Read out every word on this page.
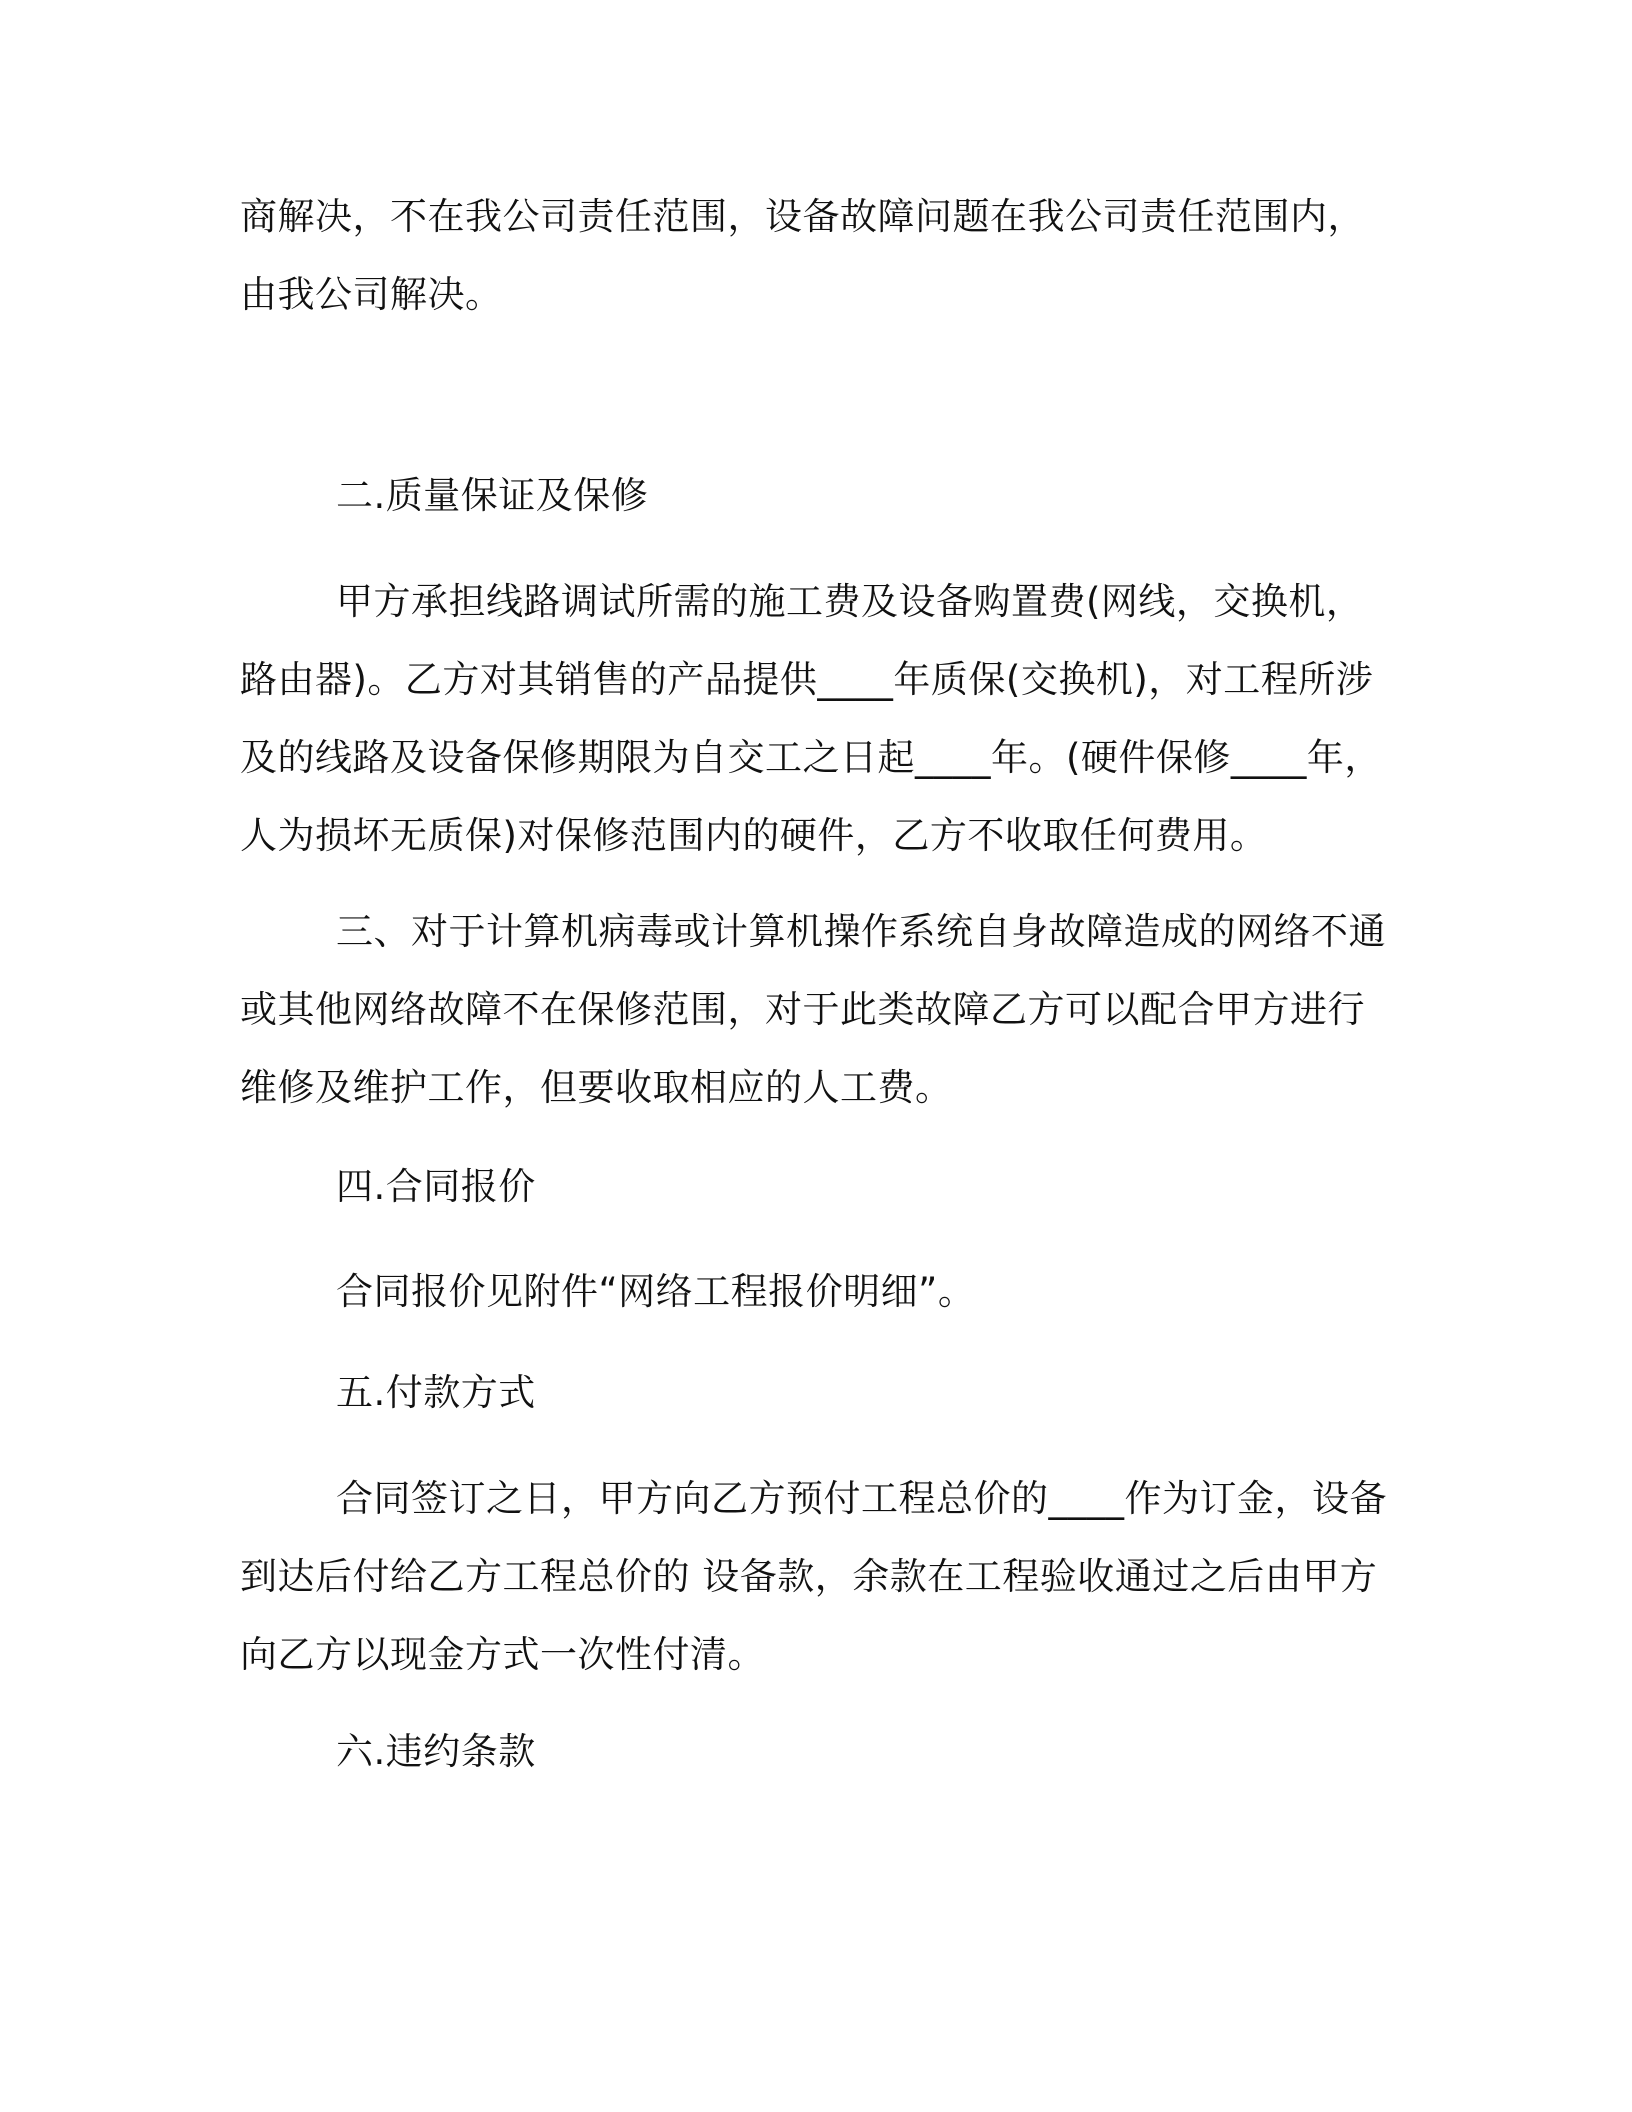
商解决，不在我公司责任范围，设备故障问题在我公司责任范围内，
由我公司解决。
二.质量保证及保修
甲方承担线路调试所需的施工费及设备购置费(网线，交换机，
路由器)。乙方对其销售的产品提供____年质保(交换机)，对工程所涉
及的线路及设备保修期限为自交工之日起____年。(硬件保修____年，
人为损坏无质保)对保修范围内的硬件，乙方不收取任何费用。
三、对于计算机病毒或计算机操作系统自身故障造成的网络不通
或其他网络故障不在保修范围，对于此类故障乙方可以配合甲方进行
维修及维护工作，但要收取相应的人工费。
四.合同报价
合同报价见附件“网络工程报价明细”。
五.付款方式
合同签订之日，甲方向乙方预付工程总价的____作为订金，设备
到达后付给乙方工程总价的 设备款，余款在工程验收通过之后由甲方
向乙方以现金方式一次性付清。
六.违约条款
